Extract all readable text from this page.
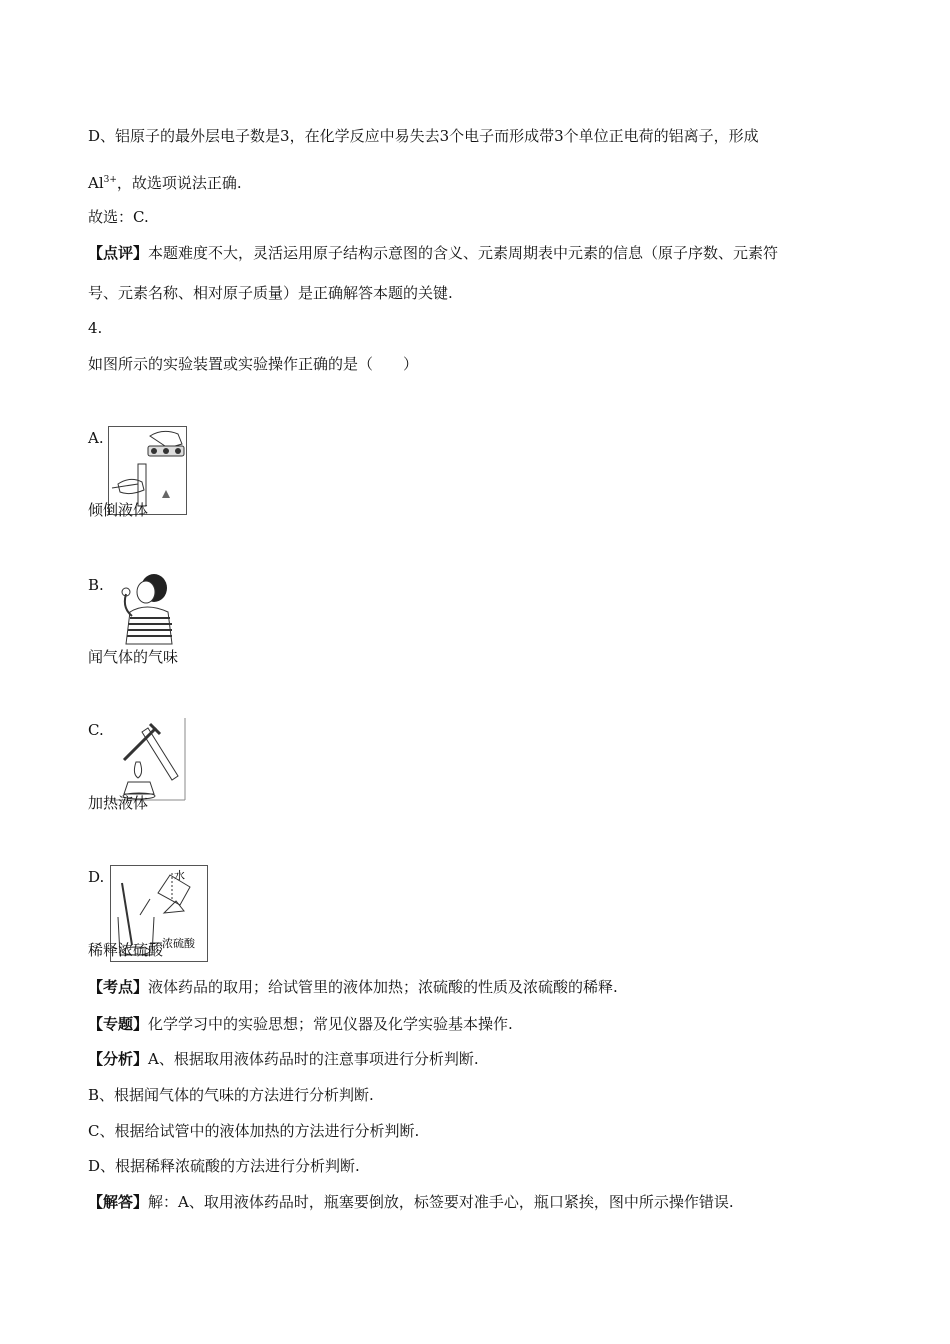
D、铝原子的最外层电子数是3，在化学反应中易失去3个电子而形成带3个单位正电荷的铝离子，形成
$Al^{3+}$，故选项说法正确.
故选：C.
【点评】本题难度不大，灵活运用原子结构示意图的含义、元素周期表中元素的信息（原子序数、元素符
号、元素名称、相对原子质量）是正确解答本题的关键.
4.
如图所示的实验装置或实验操作正确的是（　　）
A.
倾倒液体
B.
闻气体的气味
C.
加热液体
D.	水
浓硫酸
稀释浓硫酸
【考点】液体药品的取用；给试管里的液体加热；浓硫酸的性质及浓硫酸的稀释.
【专题】化学学习中的实验思想；常见仪器及化学实验基本操作.
【分析】A、根据取用液体药品时的注意事项进行分析判断.
B、根据闻气体的气味的方法进行分析判断.
C、根据给试管中的液体加热的方法进行分析判断.
D、根据稀释浓硫酸的方法进行分析判断.
【解答】解：A、取用液体药品时，瓶塞要倒放，标签要对准手心，瓶口紧挨，图中所示操作错误.
